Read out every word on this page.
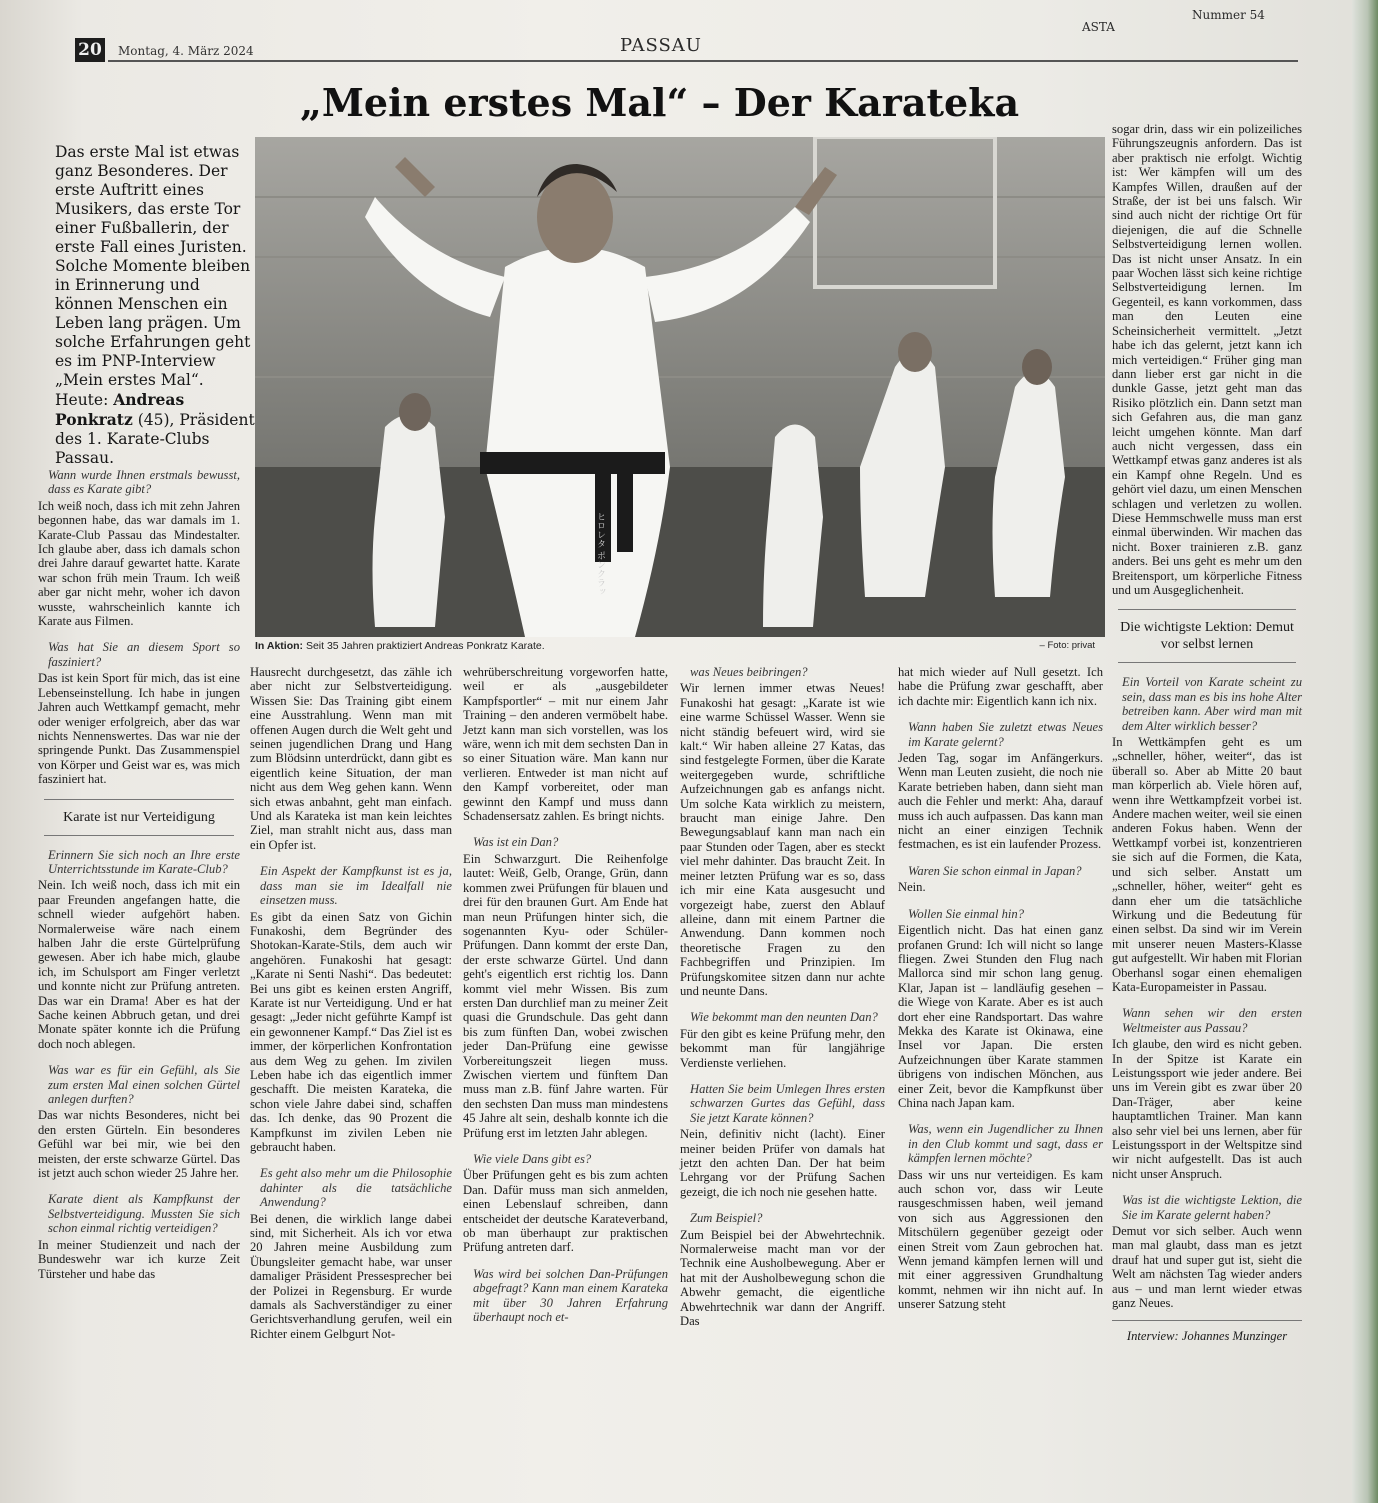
20 Montag, 4. März 2024	PASSAU
ASTA
Nummer 54
„Mein erstes Mal“ – Der Karateka
Das erste Mal ist etwas ganz Besonderes. Der erste Auftritt eines Musikers, das erste Tor einer Fußballerin, der erste Fall eines Juristen. Solche Momente bleiben in Erinnerung und können Menschen ein Leben lang prägen. Um solche Erfahrungen geht es im PNP-Interview „Mein erstes Mal“. Heute: Andreas Ponkratz (45), Präsident des 1. Karate-Clubs Passau.
ヒロレタ ポンクラッ
In Aktion: Seit 35 Jahren praktiziert Andreas Ponkratz Karate.	– Foto: privat
Wann wurde Ihnen erstmals bewusst, dass es Karate gibt?
Ich weiß noch, dass ich mit zehn Jahren begonnen habe, das war damals im 1. Karate-Club Passau das Mindestalter. Ich glaube aber, dass ich damals schon drei Jahre darauf gewartet hatte. Karate war schon früh mein Traum. Ich weiß aber gar nicht mehr, woher ich davon wusste, wahrscheinlich kannte ich Karate aus Filmen.
Was hat Sie an diesem Sport so fasziniert?
Das ist kein Sport für mich, das ist eine Lebenseinstellung. Ich habe in jungen Jahren auch Wettkampf gemacht, mehr oder weniger erfolgreich, aber das war nichts Nennenswertes. Das war nie der springende Punkt. Das Zusammenspiel von Körper und Geist war es, was mich fasziniert hat.
Karate ist nur Verteidigung
Erinnern Sie sich noch an Ihre erste Unterrichtsstunde im Karate-Club?
Nein. Ich weiß noch, dass ich mit ein paar Freunden angefangen hatte, die schnell wieder aufgehört haben. Normalerweise wäre nach einem halben Jahr die erste Gürtelprüfung gewesen. Aber ich habe mich, glaube ich, im Schulsport am Finger verletzt und konnte nicht zur Prüfung antreten. Das war ein Drama! Aber es hat der Sache keinen Abbruch getan, und drei Monate später konnte ich die Prüfung doch noch ablegen.
Was war es für ein Gefühl, als Sie zum ersten Mal einen solchen Gürtel anlegen durften?
Das war nichts Besonderes, nicht bei den ersten Gürteln. Ein besonderes Gefühl war bei mir, wie bei den meisten, der erste schwarze Gürtel. Das ist jetzt auch schon wieder 25 Jahre her.
Karate dient als Kampfkunst der Selbstverteidigung. Mussten Sie sich schon einmal richtig verteidigen?
In meiner Studienzeit und nach der Bundeswehr war ich kurze Zeit Türsteher und habe das
Hausrecht durchgesetzt, das zähle ich aber nicht zur Selbstverteidigung. Wissen Sie: Das Training gibt einem eine Ausstrahlung. Wenn man mit offenen Augen durch die Welt geht und seinen jugendlichen Drang und Hang zum Blödsinn unterdrückt, dann gibt es eigentlich keine Situation, der man nicht aus dem Weg gehen kann. Wenn sich etwas anbahnt, geht man einfach. Und als Karateka ist man kein leichtes Ziel, man strahlt nicht aus, dass man ein Opfer ist.
Ein Aspekt der Kampfkunst ist es ja, dass man sie im Idealfall nie einsetzen muss.
Es gibt da einen Satz von Gichin Funakoshi, dem Begründer des Shotokan-Karate-Stils, dem auch wir angehören. Funakoshi hat gesagt: „Karate ni Senti Nashi“. Das bedeutet: Bei uns gibt es keinen ersten Angriff, Karate ist nur Verteidigung. Und er hat gesagt: „Jeder nicht geführte Kampf ist ein gewonnener Kampf.“ Das Ziel ist es immer, der körperlichen Konfrontation aus dem Weg zu gehen. Im zivilen Leben habe ich das eigentlich immer geschafft. Die meisten Karateka, die schon viele Jahre dabei sind, schaffen das. Ich denke, das 90 Prozent die Kampfkunst im zivilen Leben nie gebraucht haben.
Es geht also mehr um die Philosophie dahinter als die tatsächliche Anwendung?
Bei denen, die wirklich lange dabei sind, mit Sicherheit. Als ich vor etwa 20 Jahren meine Ausbildung zum Übungsleiter gemacht habe, war unser damaliger Präsident Pressesprecher bei der Polizei in Regensburg. Er wurde damals als Sachverständiger zu einer Gerichtsverhandlung gerufen, weil ein Richter einem Gelbgurt Not-
wehrüberschreitung vorgeworfen hatte, weil er als „ausgebildeter Kampfsportler“ – mit nur einem Jahr Training – den anderen vermöbelt habe. Jetzt kann man sich vorstellen, was los wäre, wenn ich mit dem sechsten Dan in so einer Situation wäre. Man kann nur verlieren. Entweder ist man nicht auf den Kampf vorbereitet, oder man gewinnt den Kampf und muss dann Schadensersatz zahlen. Es bringt nichts.
Was ist ein Dan?
Ein Schwarzgurt. Die Reihenfolge lautet: Weiß, Gelb, Orange, Grün, dann kommen zwei Prüfungen für blauen und drei für den braunen Gurt. Am Ende hat man neun Prüfungen hinter sich, die sogenannten Kyu- oder Schüler-Prüfungen. Dann kommt der erste Dan, der erste schwarze Gürtel. Und dann geht's eigentlich erst richtig los. Dann kommt viel mehr Wissen. Bis zum ersten Dan durchlief man zu meiner Zeit quasi die Grundschule. Das geht dann bis zum fünften Dan, wobei zwischen jeder Dan-Prüfung eine gewisse Vorbereitungszeit liegen muss. Zwischen viertem und fünftem Dan muss man z.B. fünf Jahre warten. Für den sechsten Dan muss man mindestens 45 Jahre alt sein, deshalb konnte ich die Prüfung erst im letzten Jahr ablegen.
Wie viele Dans gibt es?
Über Prüfungen geht es bis zum achten Dan. Dafür muss man sich anmelden, einen Lebenslauf schreiben, dann entscheidet der deutsche Karateverband, ob man überhaupt zur praktischen Prüfung antreten darf.
Was wird bei solchen Dan-Prüfungen abgefragt? Kann man einem Karateka mit über 30 Jahren Erfahrung überhaupt noch et-
was Neues beibringen?
Wir lernen immer etwas Neues! Funakoshi hat gesagt: „Karate ist wie eine warme Schüssel Wasser. Wenn sie nicht ständig befeuert wird, wird sie kalt.“ Wir haben alleine 27 Katas, das sind festgelegte Formen, über die Karate weitergegeben wurde, schriftliche Aufzeichnungen gab es anfangs nicht. Um solche Kata wirklich zu meistern, braucht man einige Jahre. Den Bewegungsablauf kann man nach ein paar Stunden oder Tagen, aber es steckt viel mehr dahinter. Das braucht Zeit. In meiner letzten Prüfung war es so, dass ich mir eine Kata ausgesucht und vorgezeigt habe, zuerst den Ablauf alleine, dann mit einem Partner die Anwendung. Dann kommen noch theoretische Fragen zu den Fachbegriffen und Prinzipien. Im Prüfungskomitee sitzen dann nur achte und neunte Dans.
Wie bekommt man den neunten Dan?
Für den gibt es keine Prüfung mehr, den bekommt man für langjährige Verdienste verliehen.
Hatten Sie beim Umlegen Ihres ersten schwarzen Gurtes das Gefühl, dass Sie jetzt Karate können?
Nein, definitiv nicht (lacht). Einer meiner beiden Prüfer von damals hat jetzt den achten Dan. Der hat beim Lehrgang vor der Prüfung Sachen gezeigt, die ich noch nie gesehen hatte.
Zum Beispiel?
Zum Beispiel bei der Abwehrtechnik. Normalerweise macht man vor der Technik eine Ausholbewegung. Aber er hat mit der Ausholbewegung schon die Abwehr gemacht, die eigentliche Abwehrtechnik war dann der Angriff. Das
hat mich wieder auf Null gesetzt. Ich habe die Prüfung zwar geschafft, aber ich dachte mir: Eigentlich kann ich nix.
Wann haben Sie zuletzt etwas Neues im Karate gelernt?
Jeden Tag, sogar im Anfängerkurs. Wenn man Leuten zusieht, die noch nie Karate betrieben haben, dann sieht man auch die Fehler und merkt: Aha, darauf muss ich auch aufpassen. Das kann man nicht an einer einzigen Technik festmachen, es ist ein laufender Prozess.
Waren Sie schon einmal in Japan?
Nein.
Wollen Sie einmal hin?
Eigentlich nicht. Das hat einen ganz profanen Grund: Ich will nicht so lange fliegen. Zwei Stunden den Flug nach Mallorca sind mir schon lang genug. Klar, Japan ist – landläufig gesehen – die Wiege von Karate. Aber es ist auch dort eher eine Randsportart. Das wahre Mekka des Karate ist Okinawa, eine Insel vor Japan. Die ersten Aufzeichnungen über Karate stammen übrigens von indischen Mönchen, aus einer Zeit, bevor die Kampfkunst über China nach Japan kam.
Was, wenn ein Jugendlicher zu Ihnen in den Club kommt und sagt, dass er kämpfen lernen möchte?
Dass wir uns nur verteidigen. Es kam auch schon vor, dass wir Leute rausgeschmissen haben, weil jemand von sich aus Aggressionen den Mitschülern gegenüber gezeigt oder einen Streit vom Zaun gebrochen hat. Wenn jemand kämpfen lernen will und mit einer aggressiven Grundhaltung kommt, nehmen wir ihn nicht auf. In unserer Satzung steht
sogar drin, dass wir ein polizeiliches Führungszeugnis anfordern. Das ist aber praktisch nie erfolgt. Wichtig ist: Wer kämpfen will um des Kampfes Willen, draußen auf der Straße, der ist bei uns falsch. Wir sind auch nicht der richtige Ort für diejenigen, die auf die Schnelle Selbstverteidigung lernen wollen. Das ist nicht unser Ansatz. In ein paar Wochen lässt sich keine richtige Selbstverteidigung lernen. Im Gegenteil, es kann vorkommen, dass man den Leuten eine Scheinsicherheit vermittelt. „Jetzt habe ich das gelernt, jetzt kann ich mich verteidigen.“ Früher ging man dann lieber erst gar nicht in die dunkle Gasse, jetzt geht man das Risiko plötzlich ein. Dann setzt man sich Gefahren aus, die man ganz leicht umgehen könnte. Man darf auch nicht vergessen, dass ein Wettkampf etwas ganz anderes ist als ein Kampf ohne Regeln. Und es gehört viel dazu, um einen Menschen schlagen und verletzen zu wollen. Diese Hemmschwelle muss man erst einmal überwinden. Wir machen das nicht. Boxer trainieren z.B. ganz anders. Bei uns geht es mehr um den Breitensport, um körperliche Fitness und um Ausgeglichenheit.
Die wichtigste Lektion: Demut vor selbst lernen
Ein Vorteil von Karate scheint zu sein, dass man es bis ins hohe Alter betreiben kann. Aber wird man mit dem Alter wirklich besser?
In Wettkämpfen geht es um „schneller, höher, weiter“, das ist überall so. Aber ab Mitte 20 baut man körperlich ab. Viele hören auf, wenn ihre Wettkampfzeit vorbei ist. Andere machen weiter, weil sie einen anderen Fokus haben. Wenn der Wettkampf vorbei ist, konzentrieren sie sich auf die Formen, die Kata, und sich selber. Anstatt um „schneller, höher, weiter“ geht es dann eher um die tatsächliche Wirkung und die Bedeutung für einen selbst. Da sind wir im Verein mit unserer neuen Masters-Klasse gut aufgestellt. Wir haben mit Florian Oberhansl sogar einen ehemaligen Kata-Europameister in Passau.
Wann sehen wir den ersten Weltmeister aus Passau?
Ich glaube, den wird es nicht geben. In der Spitze ist Karate ein Leistungssport wie jeder andere. Bei uns im Verein gibt es zwar über 20 Dan-Träger, aber keine hauptamtlichen Trainer. Man kann also sehr viel bei uns lernen, aber für Leistungssport in der Weltspitze sind wir nicht aufgestellt. Das ist auch nicht unser Anspruch.
Was ist die wichtigste Lektion, die Sie im Karate gelernt haben?
Demut vor sich selber. Auch wenn man mal glaubt, dass man es jetzt drauf hat und super gut ist, sieht die Welt am nächsten Tag wieder anders aus – und man lernt wieder etwas ganz Neues.
Interview: Johannes Munzinger
